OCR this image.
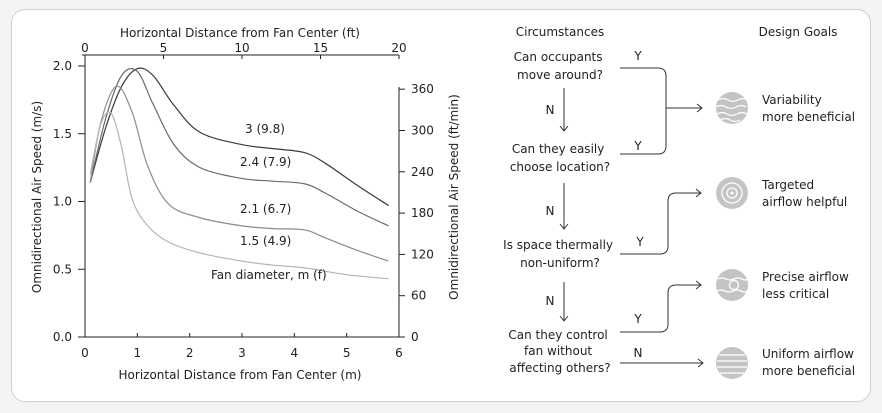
0	1	2	3	4	5	6
0	5	10	15	20
0.0
0.5
1.0
1.5
2.0
0
60
120
180
240
300
360
3 (9.8)
2.4 (7.9)
2.1 (6.7)
1.5 (4.9)
Horizontal Distance from Fan Center (ft)
Horizontal Distance from Fan Center (m)
Omnidirectional Air Speed (m/s)	Omnidirectional Air Speed (ft/min)
Fan diameter, m (f)
Circumstances	Design Goals
Can occupants move around?
Can they easily choose location?
Is space thermally non-uniform?
Can they control fan without affecting others?
N
N
N
Y
Y
Y
Y
N
Variability more beneficial
Targeted airflow helpful
Precise airflow less critical
Uniform airflow more beneficial
